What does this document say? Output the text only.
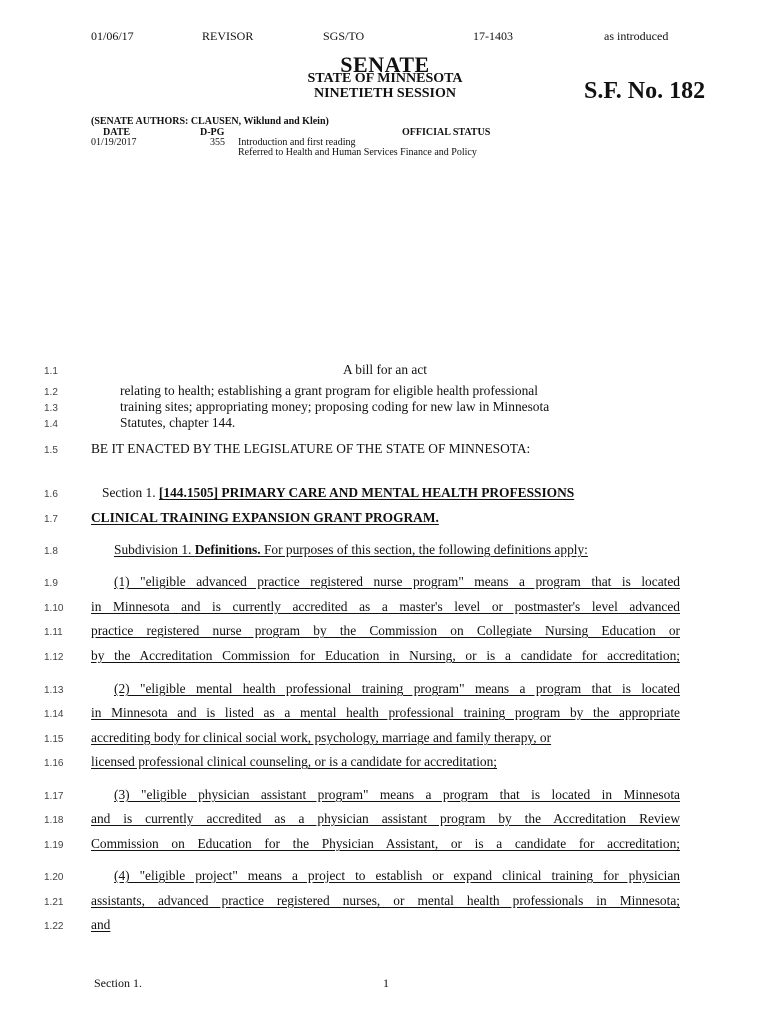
01/06/17	REVISOR	SGS/TO	17-1403	as introduced
SENATE
STATE OF MINNESOTA
NINETIETH SESSION	S.F. No. 182
(SENATE AUTHORS: CLAUSEN, Wiklund and Klein)
DATE	D-PG	OFFICIAL STATUS
01/19/2017	355 Introduction and first reading
Referred to Health and Human Services Finance and Policy
1.1	A bill for an act
1.2	relating to health; establishing a grant program for eligible health professional
1.3	training sites; appropriating money; proposing coding for new law in Minnesota
1.4	Statutes, chapter 144.
1.5 BE IT ENACTED BY THE LEGISLATURE OF THE STATE OF MINNESOTA:
1.6	Section 1. [144.1505] PRIMARY CARE AND MENTAL HEALTH PROFESSIONS
1.7 CLINICAL TRAINING EXPANSION GRANT PROGRAM.
1.8	Subdivision 1. Definitions. For purposes of this section, the following definitions apply:
1.9	(1) "eligible advanced practice registered nurse program" means a program that is located
1.10 in Minnesota and is currently accredited as a master's level or postmaster's level advanced
1.11 practice registered nurse program by the Commission on Collegiate Nursing Education or
1.12 by the Accreditation Commission for Education in Nursing, or is a candidate for accreditation;
1.13	(2) "eligible mental health professional training program" means a program that is located
1.14 in Minnesota and is listed as a mental health professional training program by the appropriate
1.15 accrediting body for clinical social work, psychology, marriage and family therapy, or
1.16 licensed professional clinical counseling, or is a candidate for accreditation;
1.17	(3) "eligible physician assistant program" means a program that is located in Minnesota
1.18 and is currently accredited as a physician assistant program by the Accreditation Review
1.19 Commission on Education for the Physician Assistant, or is a candidate for accreditation;
1.20	(4) "eligible project" means a project to establish or expand clinical training for physician
1.21 assistants, advanced practice registered nurses, or mental health professionals in Minnesota;
1.22 and
Section 1.	1
